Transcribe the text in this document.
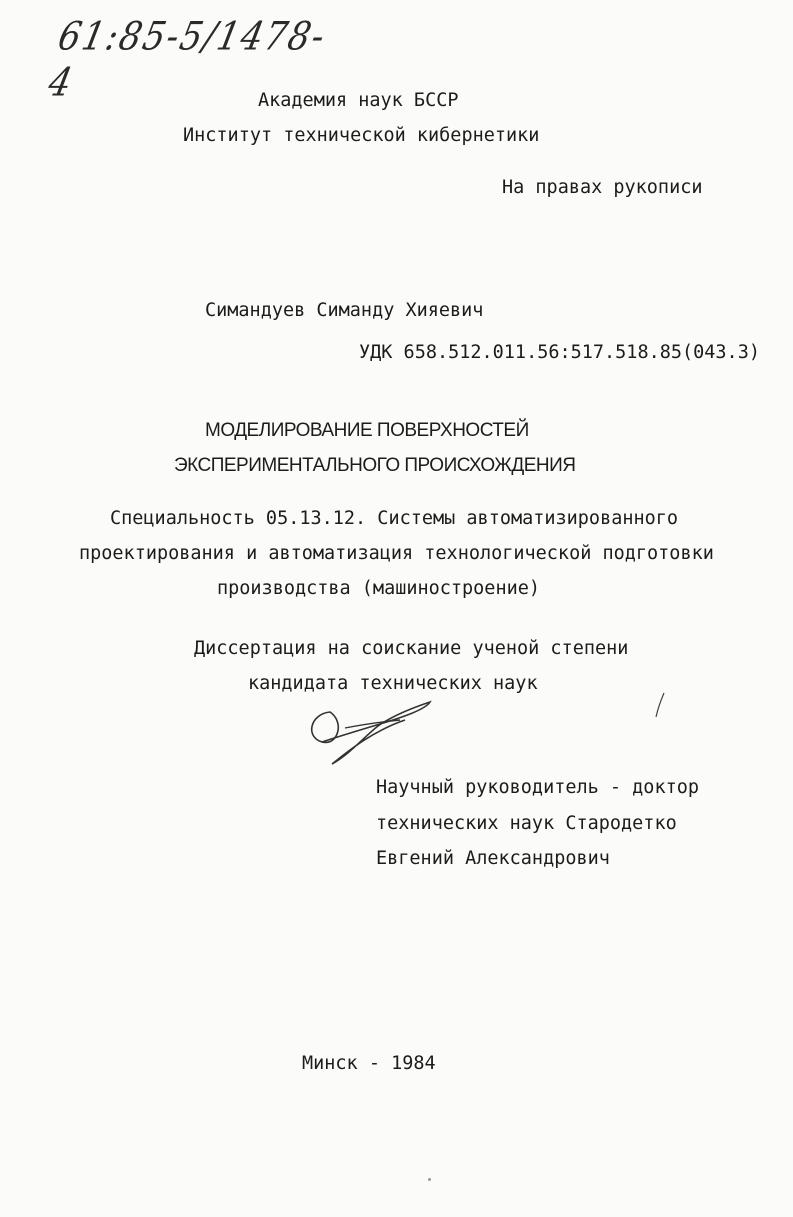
61:85-5/1478-4	Академия наук БССР
Институт технической кибернетики
На правах рукописи
Симандуев Симанду Хияевич
УДК 658.512.011.56:517.518.85(043.3)
МОДЕЛИРОВАНИЕ ПОВЕРХНОСТЕЙ
ЭКСПЕРИМЕНТАЛЬНОГО ПРОИСХОЖДЕНИЯ
Специальность 05.13.12. Системы автоматизированного
проектирования и автоматизация технологической подготовки
производства (машиностроение)
Диссертация на соискание ученой степени
кандидата технических наук
Научный руководитель - доктор
технических наук Стародетко
Евгений Александрович
Минск - 1984
